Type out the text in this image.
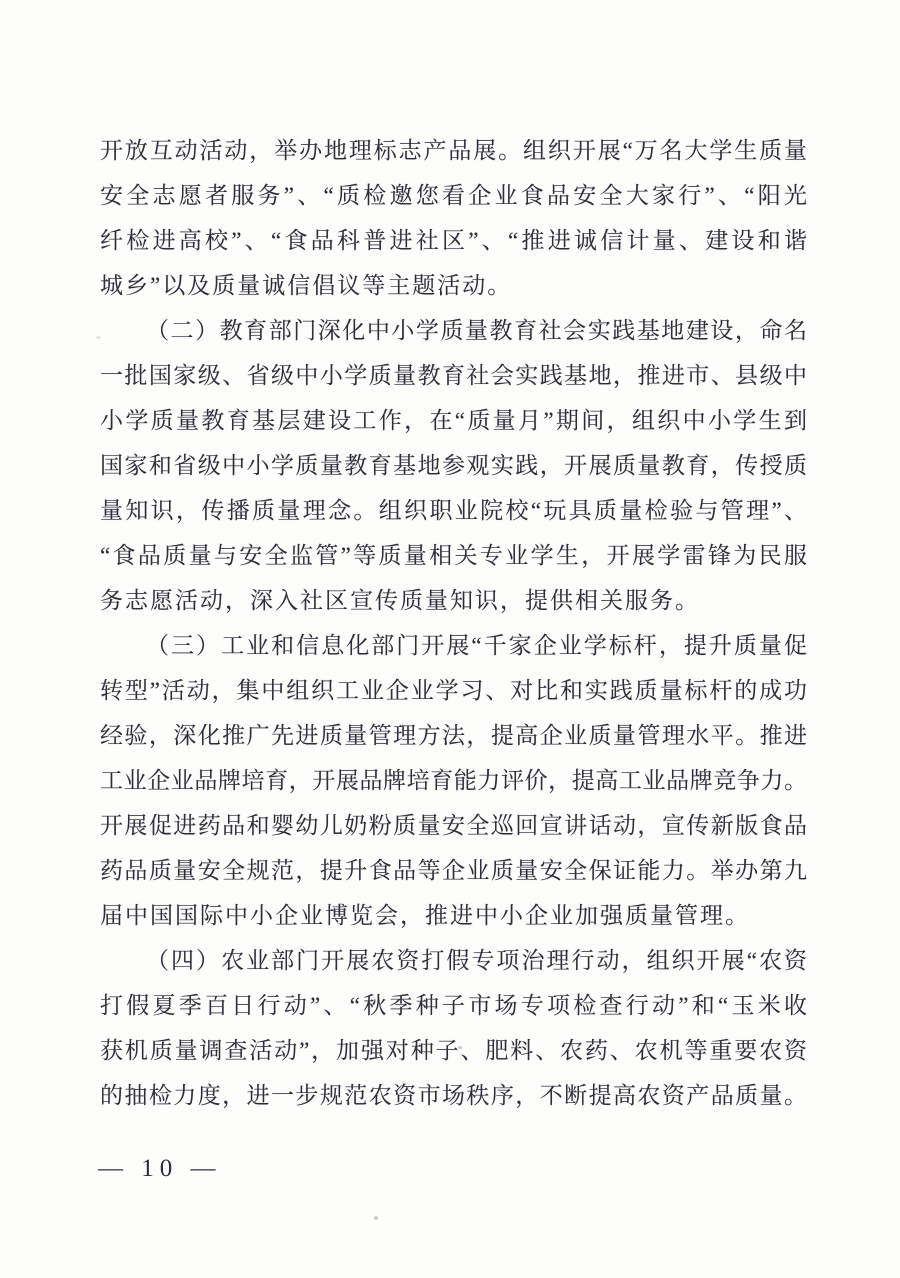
开放互动活动，举办地理标志产品展。组织开展“万名大学生质量
安全志愿者服务”、“质检邀您看企业食品安全大家行”、“阳光
纤检进高校”、“食品科普进社区”、“推进诚信计量、建设和谐
城乡”以及质量诚信倡议等主题活动。
（二）教育部门深化中小学质量教育社会实践基地建设，命名
一批国家级、省级中小学质量教育社会实践基地，推进市、县级中
小学质量教育基层建设工作，在“质量月”期间，组织中小学生到
国家和省级中小学质量教育基地参观实践，开展质量教育，传授质
量知识，传播质量理念。组织职业院校“玩具质量检验与管理”、
“食品质量与安全监管”等质量相关专业学生，开展学雷锋为民服
务志愿活动，深入社区宣传质量知识，提供相关服务。
（三）工业和信息化部门开展“千家企业学标杆，提升质量促
转型”活动，集中组织工业企业学习、对比和实践质量标杆的成功
经验，深化推广先进质量管理方法，提高企业质量管理水平。推进
工业企业品牌培育，开展品牌培育能力评价，提高工业品牌竞争力。
开展促进药品和婴幼儿奶粉质量安全巡回宣讲话动，宣传新版食品
药品质量安全规范，提升食品等企业质量安全保证能力。举办第九
届中国国际中小企业博览会，推进中小企业加强质量管理。
（四）农业部门开展农资打假专项治理行动，组织开展“农资
打假夏季百日行动”、“秋季种子市场专项检查行动”和“玉米收
获机质量调查活动”，加强对种子、肥料、农药、农机等重要农资
的抽检力度，进一步规范农资市场秩序，不断提高农资产品质量。
— 10 —
